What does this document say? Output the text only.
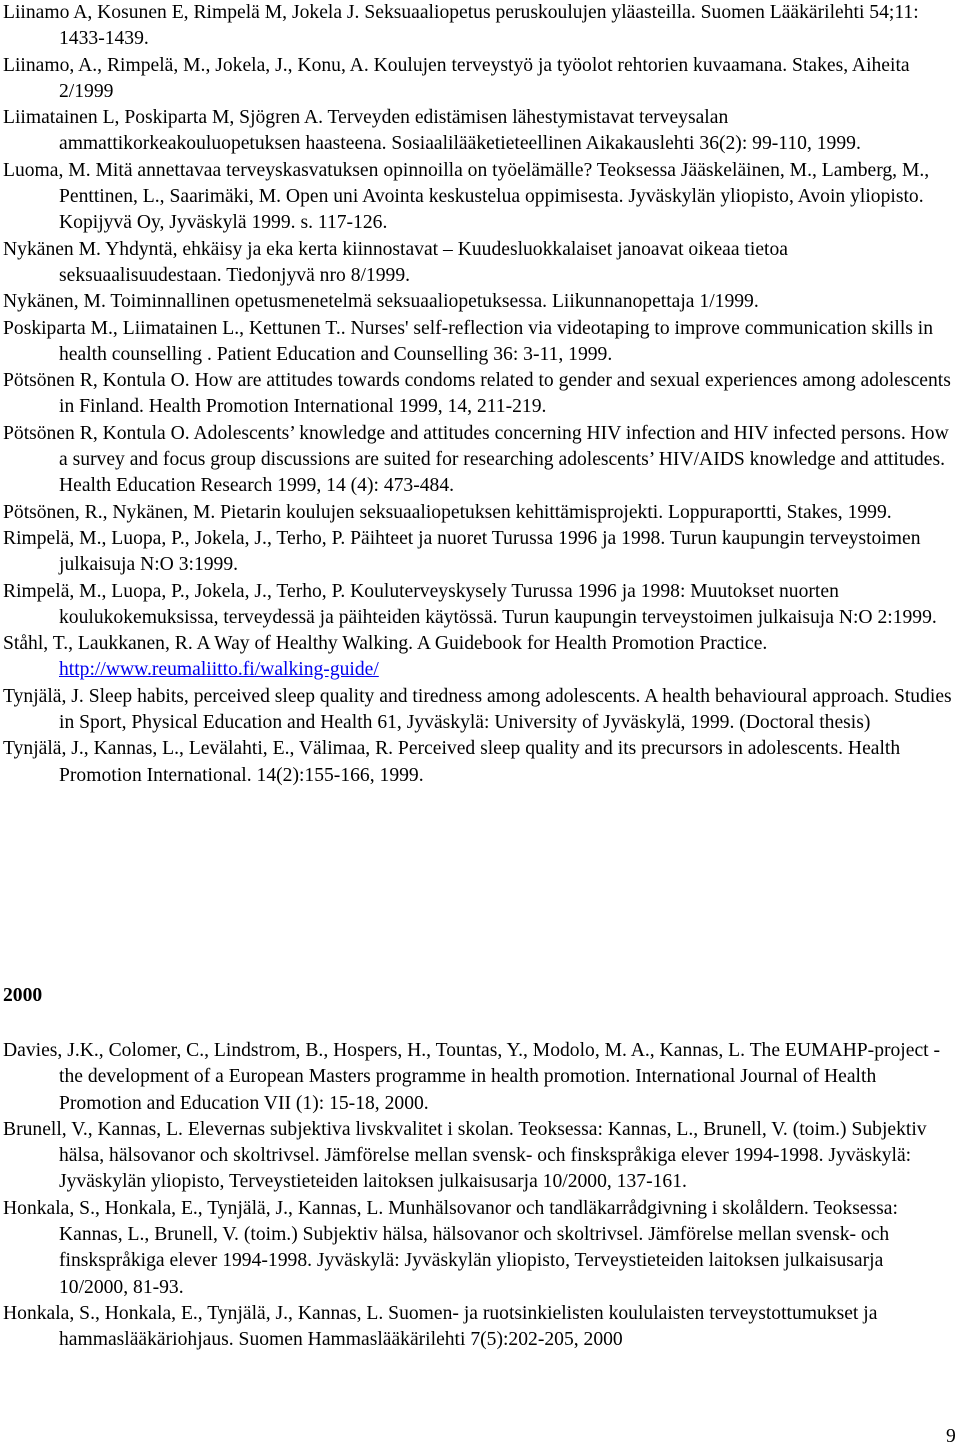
Liinamo A, Kosunen E, Rimpelä M, Jokela J. Seksuaaliopetus peruskoulujen yläasteilla. Suomen Lääkärilehti 54;11: 1433-1439.

Liinamo, A., Rimpelä, M., Jokela, J., Konu, A. Koulujen terveystyö ja työolot rehtorien kuvaamana. Stakes, Aiheita 2/1999

Liimatainen L, Poskiparta M, Sjögren A. Terveyden edistämisen lähestymistavat terveysalan ammattikorkeakouluopetuksen haasteena. Sosiaalilääketieteellinen Aikakauslehti 36(2): 99-110, 1999.

Luoma, M. Mitä annettavaa terveyskasvatuksen opinnoilla on työelämälle? Teoksessa Jääskeläinen, M., Lamberg, M., Penttinen, L., Saarimäki, M. Open uni Avointa keskustelua oppimisesta. Jyväskylän yliopisto, Avoin yliopisto. Kopijyvä Oy, Jyväskylä 1999. s. 117-126.

Nykänen M. Yhdyntä, ehkäisy ja eka kerta kiinnostavat – Kuudesluokkalaiset janoavat oikeaa tietoa seksuaalisuudestaan. Tiedonjyvä nro 8/1999.

Nykänen, M. Toiminnallinen opetusmenetelmä seksuaaliopetuksessa. Liikunnanopettaja 1/1999.

Poskiparta M., Liimatainen L., Kettunen T.. Nurses' self-reflection via videotaping to improve communication skills in health counselling . Patient Education and Counselling 36: 3-11, 1999.

Pötsönen R, Kontula O. How are attitudes towards condoms related to gender and sexual experiences among adolescents in Finland. Health Promotion International 1999, 14, 211-219.

Pötsönen R, Kontula O. Adolescents’ knowledge and attitudes concerning HIV infection and HIV infected persons. How a survey and focus group discussions are suited for researching adolescents’ HIV/AIDS knowledge and attitudes. Health Education Research 1999, 14 (4): 473-484.

Pötsönen, R., Nykänen, M. Pietarin koulujen seksuaaliopetuksen kehittämisprojekti. Loppuraportti, Stakes, 1999.

Rimpelä, M., Luopa, P., Jokela, J., Terho, P. Päihteet ja nuoret Turussa 1996 ja 1998. Turun kaupungin terveystoimen julkaisuja N:O 3:1999.

Rimpelä, M., Luopa, P., Jokela, J., Terho, P. Kouluterveyskysely Turussa 1996 ja 1998: Muutokset nuorten koulukokemuksissa, terveydessä ja päihteiden käytössä. Turun kaupungin terveystoimen julkaisuja N:O 2:1999.

Ståhl, T., Laukkanen, R. A Way of Healthy Walking. A Guidebook for Health Promotion Practice. http://www.reumaliitto.fi/walking-guide/

Tynjälä, J. Sleep habits, perceived sleep quality and tiredness among adolescents. A health behavioural approach. Studies in Sport, Physical Education and Health 61, Jyväskylä: University of Jyväskylä, 1999. (Doctoral thesis)

Tynjälä, J., Kannas, L., Levälahti, E., Välimaa, R. Perceived sleep quality and its precursors in adolescents. Health Promotion International. 14(2):155-166, 1999.

2000

Davies, J.K., Colomer, C., Lindstrom, B., Hospers, H., Tountas, Y., Modolo, M. A., Kannas, L. The EUMAHP-project - the development of a European Masters programme in health promotion. International Journal of Health Promotion and Education VII (1): 15-18, 2000.

Brunell, V., Kannas, L. Elevernas subjektiva livskvalitet i skolan. Teoksessa: Kannas, L., Brunell, V. (toim.) Subjektiv hälsa, hälsovanor och skoltrivsel. Jämförelse mellan svensk- och finskspråkiga elever 1994-1998. Jyväskylä: Jyväskylän yliopisto, Terveystieteiden laitoksen julkaisusarja 10/2000, 137-161.

Honkala, S., Honkala, E., Tynjälä, J., Kannas, L. Munhälsovanor och tandläkarrådgivning i skolåldern. Teoksessa: Kannas, L., Brunell, V. (toim.) Subjektiv hälsa, hälsovanor och skoltrivsel. Jämförelse mellan svensk- och finskspråkiga elever 1994-1998. Jyväskylä: Jyväskylän yliopisto, Terveystieteiden laitoksen julkaisusarja 10/2000, 81-93.

Honkala, S., Honkala, E., Tynjälä, J., Kannas, L. Suomen- ja ruotsinkielisten koululaisten terveystottumukset ja hammaslääkäriohjaus. Suomen Hammaslääkärilehti 7(5):202-205, 2000

9
